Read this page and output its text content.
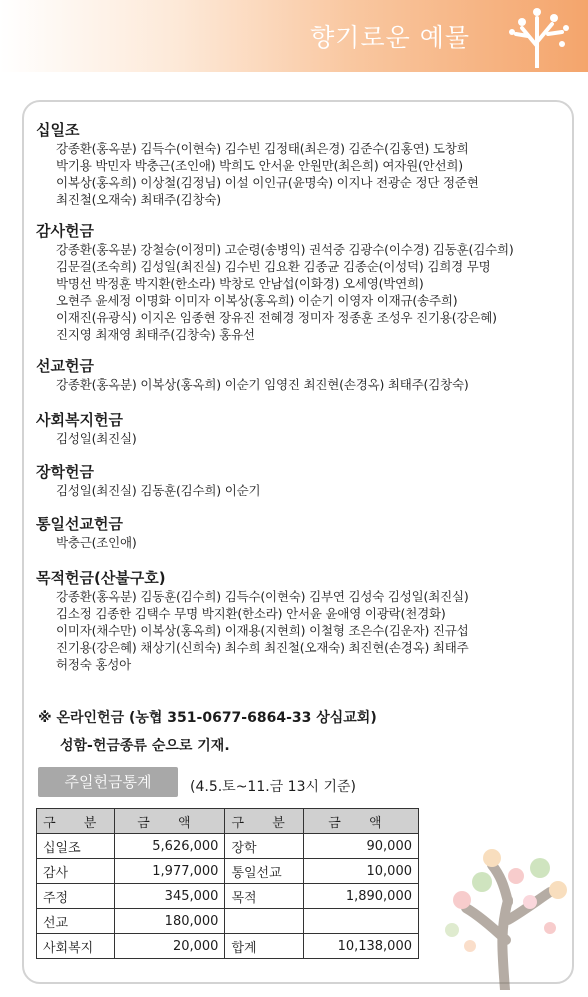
향기로운 예물
십일조
강종환(홍옥분) 김득수(이현숙) 김수빈 김정태(최은경) 김준수(김홍연) 도창희
박기용 박민자 박충근(조인애) 박희도 안서윤 안원만(최은희) 여자원(안선희)
이복상(홍옥희) 이상철(김정님) 이설 이인규(윤명숙) 이지나 전광순 정단 정준현
최진철(오재숙) 최태주(김창숙)
감사헌금
강종환(홍옥분) 강철승(이정미) 고순령(송병익) 권석중 김광수(이수경) 김동훈(김수희)
김문걸(조숙희) 김성일(최진실) 김수빈 김요환 김종균 김종순(이성덕) 김희경 무명
박명선 박정훈 박지환(한소라) 박창로 안남섭(이화경) 오세영(박연희)
오현주 윤세정 이명화 이미자 이복상(홍옥희) 이순기 이영자 이재규(송주희)
이재진(유광식) 이지온 임종현 장유진 전혜경 정미자 정종훈 조성우 진기용(강은혜)
진지영 최재영 최태주(김창숙) 홍유선
선교헌금
강종환(홍옥분) 이복상(홍옥희) 이순기 임영진 최진현(손경옥) 최태주(김창숙)
사회복지헌금
김성일(최진실)
장학헌금
김성일(최진실) 김동훈(김수희) 이순기
통일선교헌금
박충근(조인애)
목적헌금(산불구호)
강종환(홍옥분) 김동훈(김수희) 김득수(이현숙) 김부연 김성숙 김성일(최진실)
김소정 김종한 김택수 무명 박지환(한소라) 안서윤 윤애영 이광락(천경화)
이미자(채수만) 이복상(홍옥희) 이재용(지현희) 이철형 조은수(김운자) 진규섭
진기용(강은혜) 채상기(신희숙) 최수희 최진철(오재숙) 최진현(손경옥) 최태주
허정숙 홍성아
※ 온라인헌금 (농협 351-0677-6864-33 상심교회)
성함-헌금종류 순으로 기재.
주일헌금통계	(4.5.토~11.금 13시 기준)
구 분	금 액	구 분	금 액
십일조	5,626,000	장학	90,000
감사	1,977,000	통일선교	10,000
주정	345,000	목적	1,890,000
선교	180,000		
사회복지	20,000	합계	10,138,000
